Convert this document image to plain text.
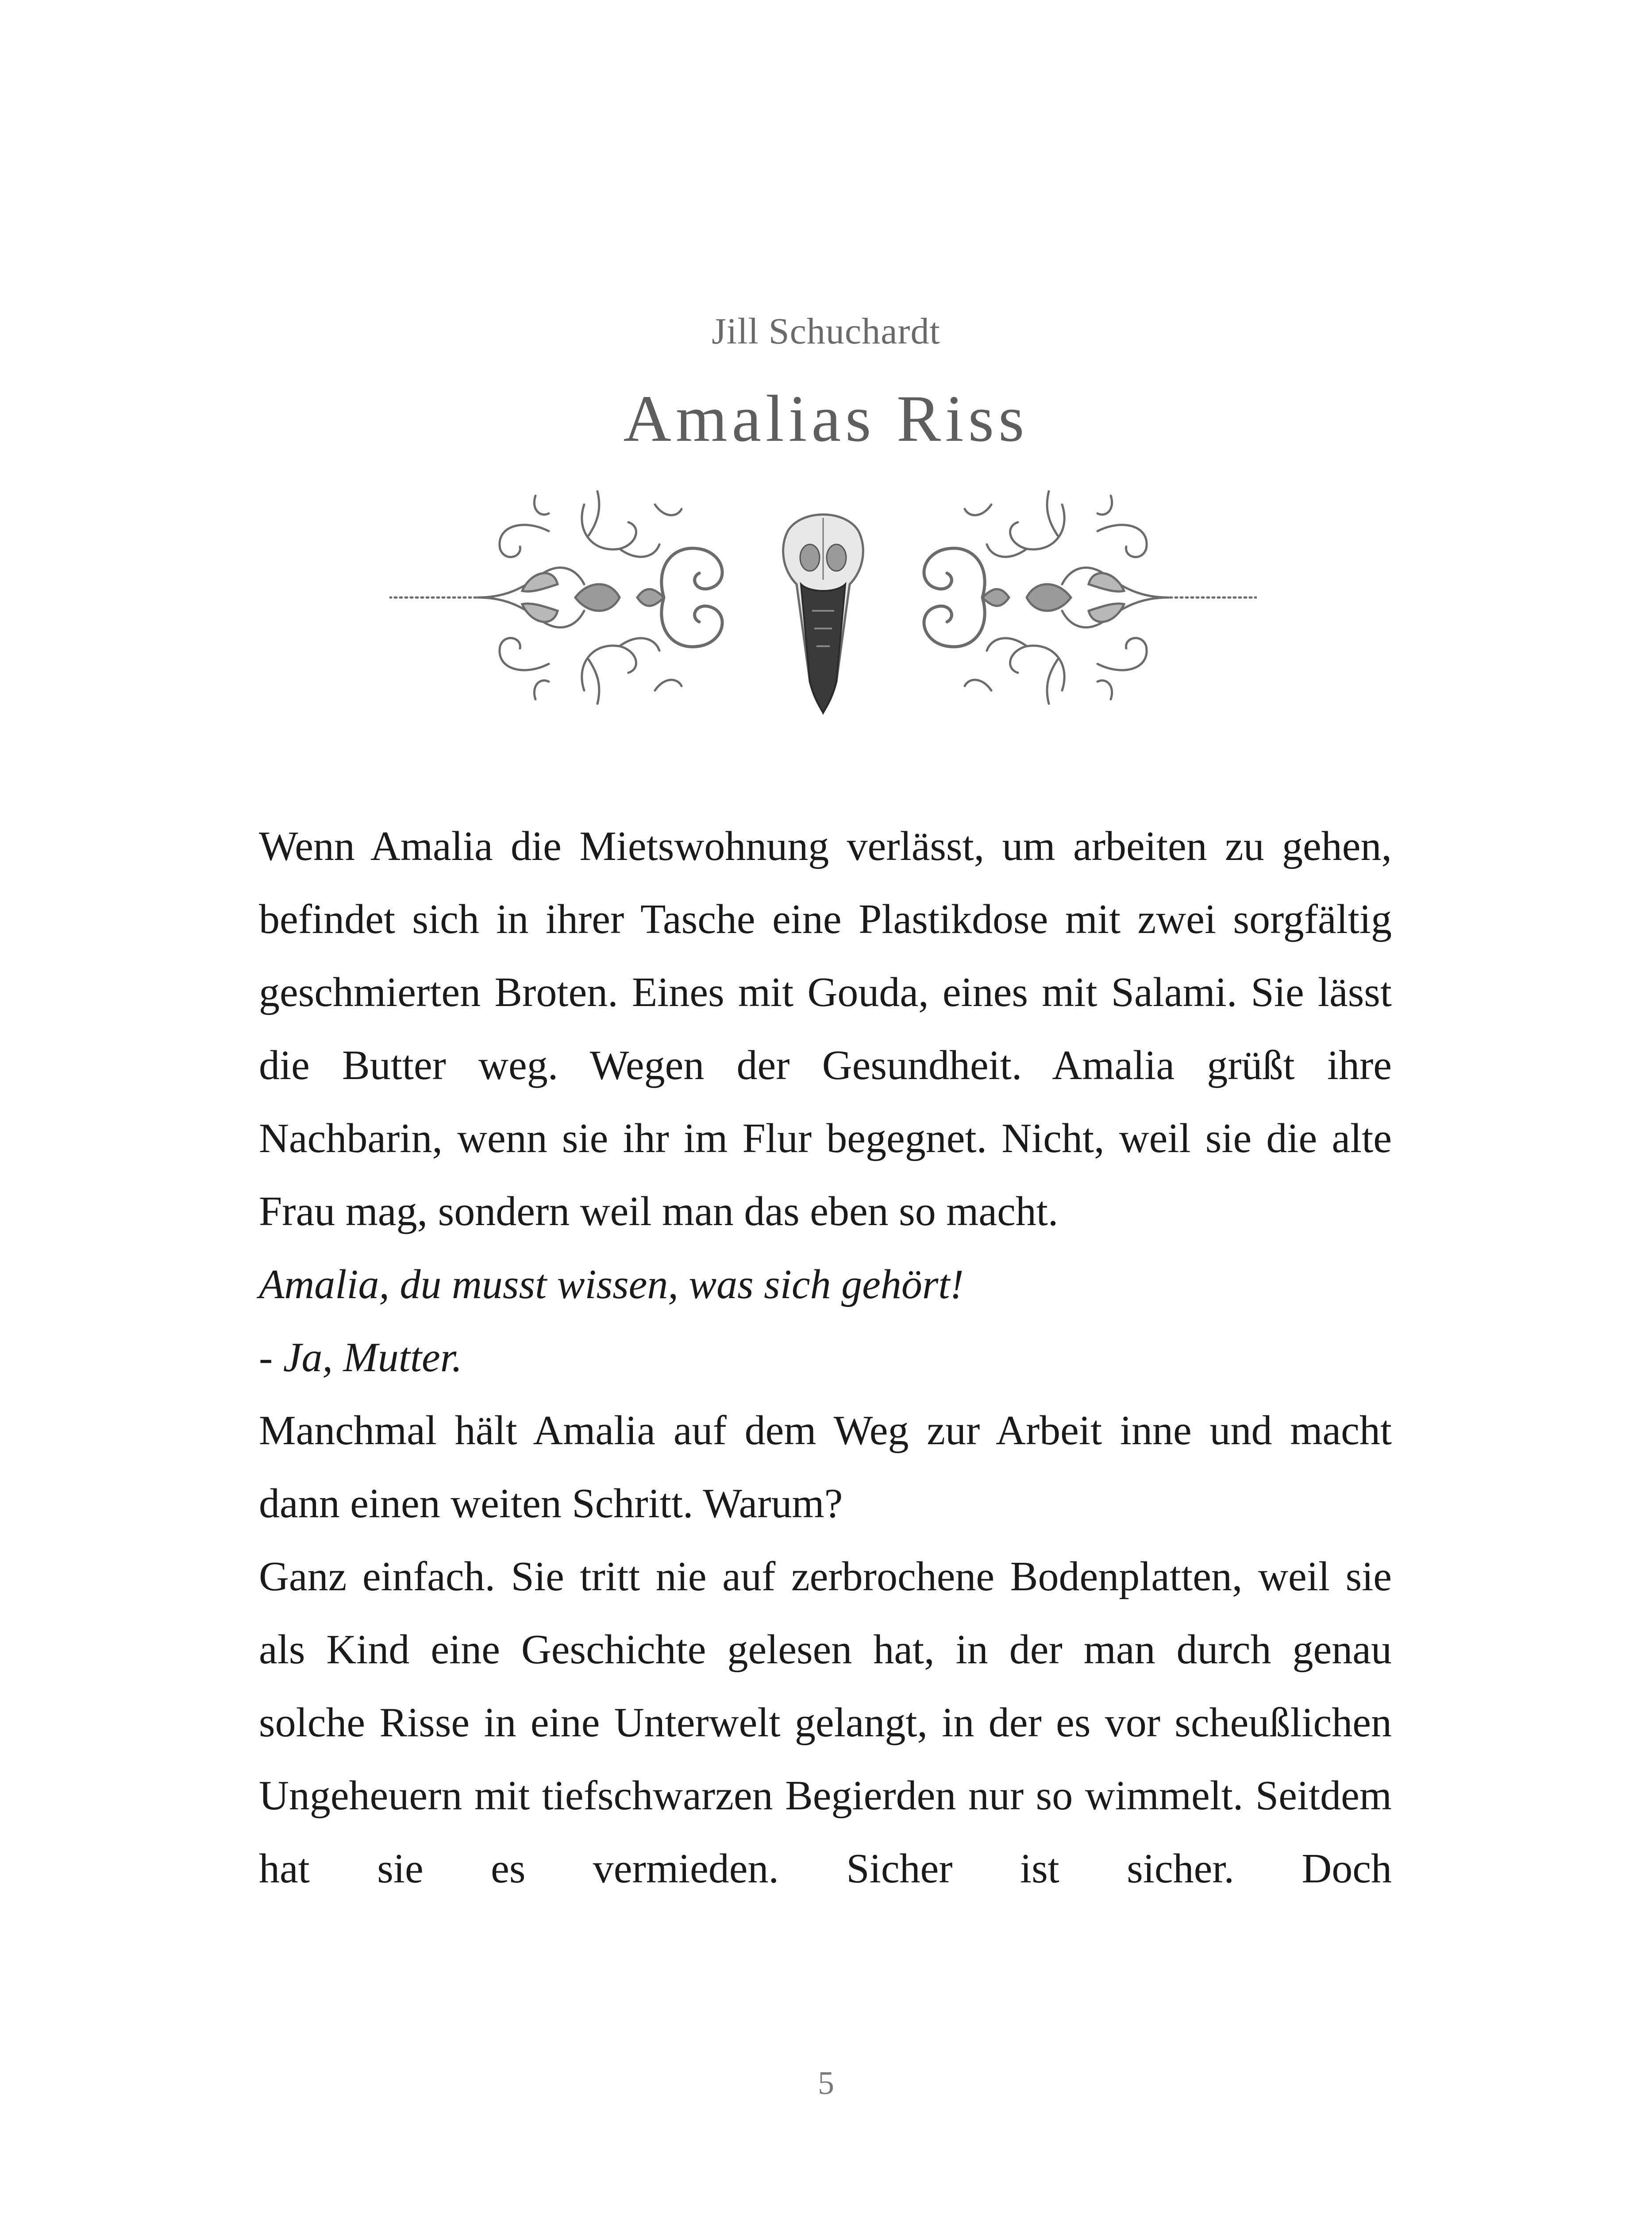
Jill Schuchardt
Amalias Riss

Wenn Amalia die Mietswohnung verlässt, um arbeiten zu gehen, befindet sich in ihrer Tasche eine Plastikdose mit zwei sorgfältig geschmierten Broten. Eines mit Gouda, eines mit Salami. Sie lässt die Butter weg. Wegen der Gesundheit. Amalia grüßt ihre Nachbarin, wenn sie ihr im Flur begegnet. Nicht, weil sie die alte Frau mag, sondern weil man das eben so macht.

Amalia, du musst wissen, was sich gehört!

- Ja, Mutter.

Manchmal hält Amalia auf dem Weg zur Arbeit inne und macht dann einen weiten Schritt. Warum?

Ganz einfach. Sie tritt nie auf zerbrochene Bodenplatten, weil sie als Kind eine Geschichte gelesen hat, in der man durch genau solche Risse in eine Unterwelt gelangt, in der es vor scheußlichen Ungeheuern mit tiefschwarzen Begierden nur so wimmelt. Seitdem hat sie es vermieden. Sicher ist sicher. Doch

5
